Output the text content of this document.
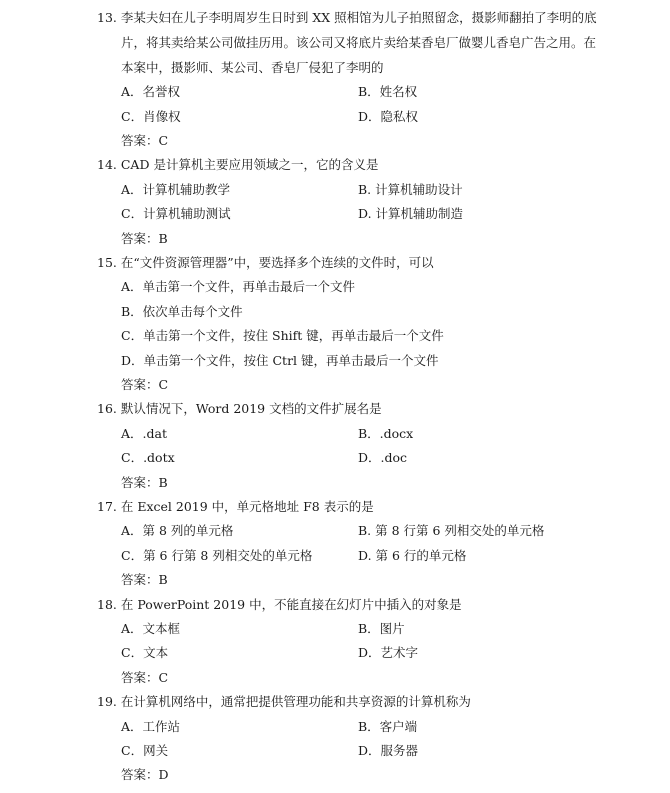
13. 李某夫妇在儿子李明周岁生日时到 XX 照相馆为儿子拍照留念，摄影师翻拍了李明的底
片，将其卖给某公司做挂历用。该公司又将底片卖给某香皂厂做婴儿香皂广告之用。在
本案中，摄影师、某公司、香皂厂侵犯了李明的
A．名誉权	B．姓名权
C．肖像权	D．隐私权
答案：C
14. CAD 是计算机主要应用领域之一，它的含义是
A．计算机辅助教学	B. 计算机辅助设计
C．计算机辅助测试	D. 计算机辅助制造
答案：B
15. 在“文件资源管理器”中，要选择多个连续的文件时，可以
A．单击第一个文件，再单击最后一个文件
B．依次单击每个文件
C．单击第一个文件，按住 Shift 键，再单击最后一个文件
D．单击第一个文件，按住 Ctrl 键，再单击最后一个文件
答案：C
16. 默认情况下，Word 2019 文档的文件扩展名是
A．.dat	B．.docx
C．.dotx	D．.doc
答案：B
17. 在 Excel 2019 中，单元格地址 F8 表示的是
A．第 8 列的单元格	B. 第 8 行第 6 列相交处的单元格
C．第 6 行第 8 列相交处的单元格	D. 第 6 行的单元格
答案：B
18. 在 PowerPoint 2019 中，不能直接在幻灯片中插入的对象是
A．文本框	B．图片
C．文本	D．艺术字
答案：C
19. 在计算机网络中，通常把提供管理功能和共享资源的计算机称为
A．工作站	B．客户端
C．网关	D．服务器
答案：D
